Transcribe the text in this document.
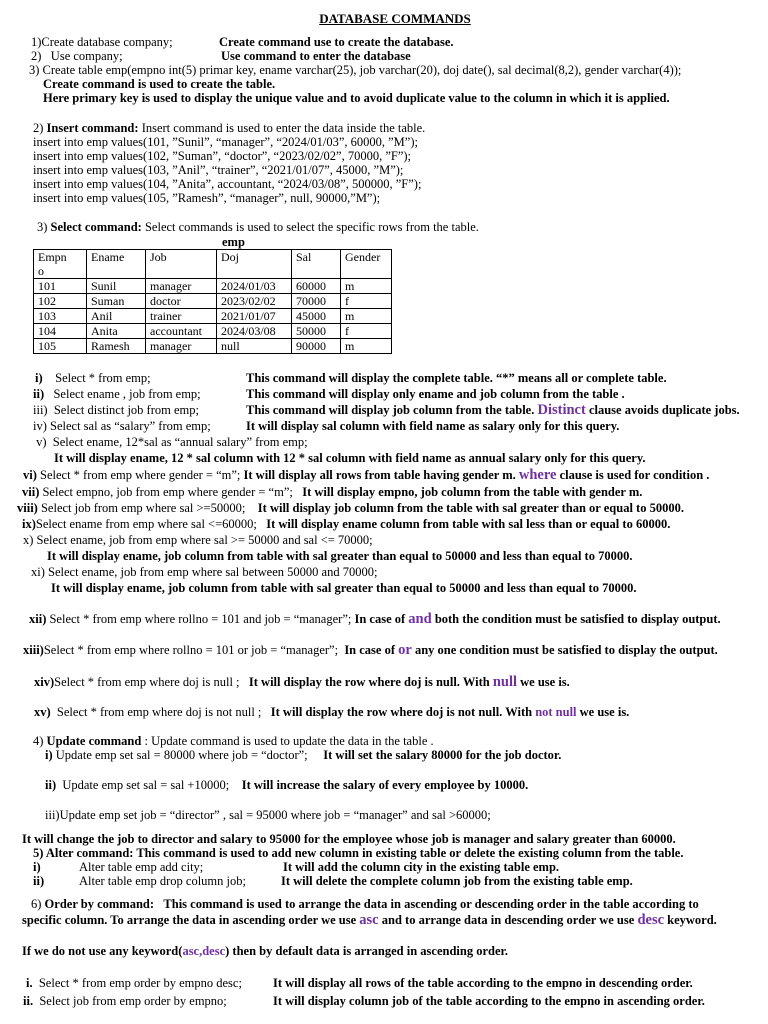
DATABASE COMMANDS
1)Create database company;	Create command use to create the database.
2) Use company;	Use command to enter the database
3) Create table emp(empno int(5) primar key, ename varchar(25), job varchar(20), doj date(), sal decimal(8,2), gender varchar(4));
Create command is used to create the table.
Here primary key is used to display the unique value and to avoid duplicate value to the column in which it is applied.
2) Insert command: Insert command is used to enter the data inside the table.
insert into emp values(101, ”Sunil”, “manager”, “2024/01/03”, 60000, ”M”);
insert into emp values(102, ”Suman”, “doctor”, “2023/02/02”, 70000, ”F”);
insert into emp values(103, ”Anil”, “trainer”, “2021/01/07”, 45000, ”M”);
insert into emp values(104, ”Anita”, accountant, “2024/03/08”, 500000, ”F”);
insert into emp values(105, ”Ramesh”, “manager”, null, 90000,”M”);
3) Select command: Select commands is used to select the specific rows from the table.
emp
Empn
o	Ename	Job	Doj	Sal	Gender
101	Sunil	manager	2024/01/03	60000	m
102	Suman	doctor	2023/02/02	70000	f
103	Anil	trainer	2021/01/07	45000	m
104	Anita	accountant	2024/03/08	50000	f
105	Ramesh	manager	null	90000	m
i) Select * from emp;	This command will display the complete table. “*” means all or complete table.
ii) Select ename , job from emp;	This command will display only ename and job column from the table .
iii) Select distinct job from emp;	This command will display job column from the table. Distinct clause avoids duplicate jobs.
iv) Select sal as “salary” from emp;	It will display sal column with field name as salary only for this query.
v) Select ename, 12*sal as “annual salary” from emp;
It will display ename, 12 * sal column with 12 * sal column with field name as annual salary only for this query.
vi) Select * from emp where gender = “m”; It will display all rows from table having gender m. where clause is used for condition .
vii) Select empno, job from emp where gender = “m”; It will display empno, job column from the table with gender m.
viii) Select job from emp where sal >=50000; It will display job column from the table with sal greater than or equal to 50000.
ix)Select ename from emp where sal <=60000; It will display ename column from table with sal less than or equal to 60000.
x) Select ename, job from emp where sal >= 50000 and sal <= 70000;
It will display ename, job column from table with sal greater than equal to 50000 and less than equal to 70000.
xi) Select ename, job from emp where sal between 50000 and 70000;
It will display ename, job column from table with sal greater than equal to 50000 and less than equal to 70000.
xii) Select * from emp where rollno = 101 and job = “manager”; In case of and both the condition must be satisfied to display output.
xiii)Select * from emp where rollno = 101 or job = “manager”; In case of or any one condition must be satisfied to display the output.
xiv)Select * from emp where doj is null ; It will display the row where doj is null. With null we use is.
xv) Select * from emp where doj is not null ; It will display the row where doj is not null. With not null we use is.
4) Update command : Update command is used to update the data in the table .
i) Update emp set sal = 80000 where job = “doctor”; It will set the salary 80000 for the job doctor.
ii) Update emp set sal = sal +10000; It will increase the salary of every employee by 10000.
iii)Update emp set job = “director” , sal = 95000 where job = “manager” and sal >60000;
It will change the job to director and salary to 95000 for the employee whose job is manager and salary greater than 60000.
5) Alter command: This command is used to add new column in existing table or delete the existing column from the table.
i)	Alter table emp add city;	It will add the column city in the existing table emp.
ii)	Alter table emp drop column job;	It will delete the complete column job from the existing table emp.
6) Order by command: This command is used to arrange the data in ascending or descending order in the table according to
specific column. To arrange the data in ascending order we use asc and to arrange data in descending order we use desc keyword.
If we do not use any keyword(asc,desc) then by default data is arranged in ascending order.
i. Select * from emp order by empno desc; It will display all rows of the table according to the empno in descending order.
ii. Select job from emp order by empno;	It will display column job of the table according to the empno in ascending order.
